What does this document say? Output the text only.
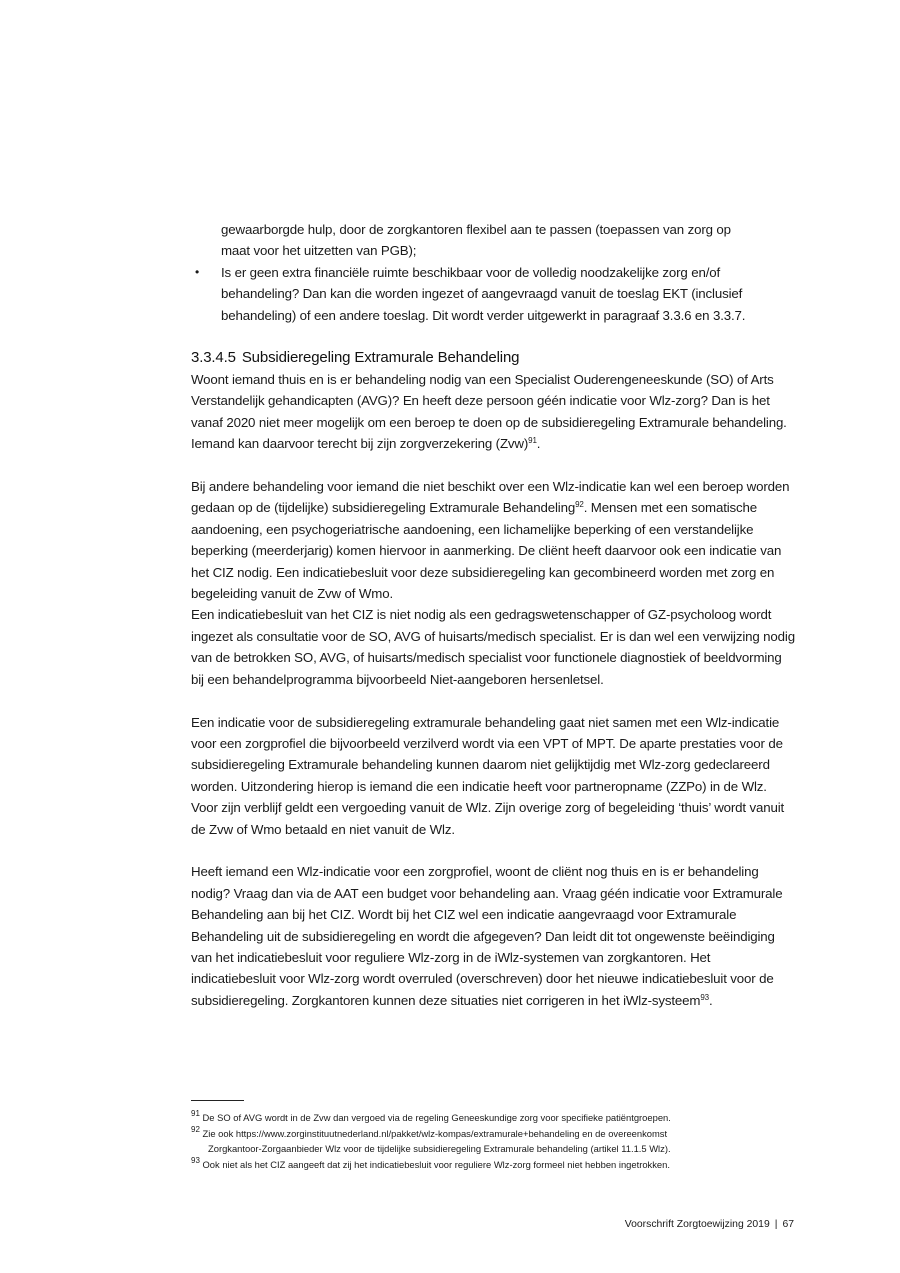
gewaarborgde hulp, door de zorgkantoren flexibel aan te passen (toepassen van zorg op
maat voor het uitzetten van PGB);
• Is er geen extra financiële ruimte beschikbaar voor de volledig noodzakelijke zorg en/of
behandeling? Dan kan die worden ingezet of aangevraagd vanuit de toeslag EKT (inclusief
behandeling) of een andere toeslag. Dit wordt verder uitgewerkt in paragraaf 3.3.6 en 3.3.7.
3.3.4.5 Subsidieregeling Extramurale Behandeling

Woont iemand thuis en is er behandeling nodig van een Specialist Ouderengeneeskunde (SO) of Arts Verstandelijk gehandicapten (AVG)? En heeft deze persoon géén indicatie voor Wlz-zorg? Dan is het vanaf 2020 niet meer mogelijk om een beroep te doen op de subsidieregeling Extramurale behandeling. Iemand kan daarvoor terecht bij zijn zorgverzekering (Zvw)$^{91}$.

Bij andere behandeling voor iemand die niet beschikt over een Wlz-indicatie kan wel een beroep worden gedaan op de (tijdelijke) subsidieregeling Extramurale Behandeling$^{92}$. Mensen met een somatische aandoening, een psychogeriatrische aandoening, een lichamelijke beperking of een verstandelijke beperking (meerderjarig) komen hiervoor in aanmerking. De cliënt heeft daarvoor ook een indicatie van het CIZ nodig. Een indicatiebesluit voor deze subsidieregeling kan gecombineerd worden met zorg en begeleiding vanuit de Zvw of Wmo.

Een indicatiebesluit van het CIZ is niet nodig als een gedragswetenschapper of GZ-psycholoog wordt ingezet als consultatie voor de SO, AVG of huisarts/medisch specialist. Er is dan wel een verwijzing nodig van de betrokken SO, AVG, of huisarts/medisch specialist voor functionele diagnostiek of beeldvorming bij een behandelprogramma bijvoorbeeld Niet-aangeboren hersenletsel.

Een indicatie voor de subsidieregeling extramurale behandeling gaat niet samen met een Wlz-indicatie voor een zorgprofiel die bijvoorbeeld verzilverd wordt via een VPT of MPT. De aparte prestaties voor de subsidieregeling Extramurale behandeling kunnen daarom niet gelijktijdig met Wlz-zorg gedeclareerd worden. Uitzondering hierop is iemand die een indicatie heeft voor partneropname (ZZPo) in de Wlz. Voor zijn verblijf geldt een vergoeding vanuit de Wlz. Zijn overige zorg of begeleiding ‘thuis’ wordt vanuit de Zvw of Wmo betaald en niet vanuit de Wlz.

Heeft iemand een Wlz-indicatie voor een zorgprofiel, woont de cliënt nog thuis en is er behandeling nodig? Vraag dan via de AAT een budget voor behandeling aan. Vraag géén indicatie voor Extramurale Behandeling aan bij het CIZ. Wordt bij het CIZ wel een indicatie aangevraagd voor Extramurale Behandeling uit de subsidieregeling en wordt die afgegeven? Dan leidt dit tot ongewenste beëindiging van het indicatiebesluit voor reguliere Wlz-zorg in de iWlz-systemen van zorgkantoren. Het indicatiebesluit voor Wlz-zorg wordt overruled (overschreven) door het nieuwe indicatiebesluit voor de subsidieregeling. Zorgkantoren kunnen deze situaties niet corrigeren in het iWlz-systeem$^{93}$.

$^{91}$ De SO of AVG wordt in de Zvw dan vergoed via de regeling Geneeskundige zorg voor specifieke patiëntgroepen.
$^{92}$ Zie ook https://www.zorginstituutnederland.nl/pakket/wlz-kompas/extramurale+behandeling en de overeenkomst
Zorgkantoor-Zorgaanbieder Wlz voor de tijdelijke subsidieregeling Extramurale behandeling (artikel 11.1.5 Wlz).
$^{93}$ Ook niet als het CIZ aangeeft dat zij het indicatiebesluit voor reguliere Wlz-zorg formeel niet hebben ingetrokken.
Voorschrift Zorgtoewijzing 2019 | 67
